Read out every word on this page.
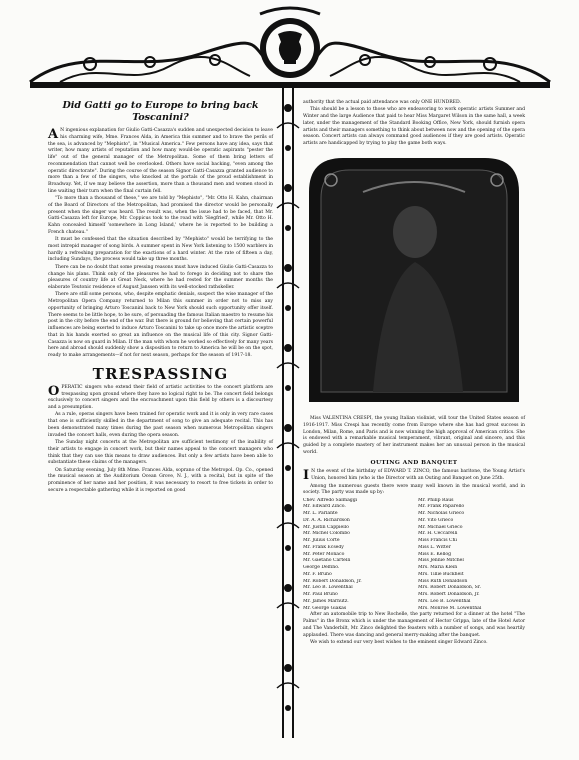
Did Gatti go to Europe to bring back Toscanini?

A N ingenious explanation for Giulio Gatti-Casazza's sudden and unexpected decision to leave his charming wife, Mme. Frances Alda, in America this summer and to brave the perils of the sea, is advanced by "Mephisto", in "Musical America." Few persons have any idea, says that writer, how many artists of reputation and how many would-be operatic aspirants "pester the life" out of the general manager of the Metropolitan. Some of them bring letters of recommendation that cannot well be overlooked. Others have social backing, "even among the operatic directorate". During the course of the season Signor Gatti-Casazza granted audience to more than a few of the singers, who knocked at the portals of the proud establishment in Broadway. Yet, if we may believe the assertion, more than a thousand men and women stood in line waiting their turn when the final curtain fell.

"To more than a thousand of these," we are told by "Mephisto", "Mr. Otto H. Kahn, chairman of the Board of Directors of the Metropolitan, had promised the director would be personally present when the singer was heard. The result was, when the issue had to be faced, that Mr. Gatti-Casazza left for Europe, Mr. Coppicus took to the road with 'Siegfried', while Mr. Otto H. Kahn concealed himself 'somewhere in Long Island,' where he is reported to be building a French chateau."

It must be confessed that the situation described by "Mephisto" would be terrifying to the most intrepid manager of song birds. A summer spent in New York listening to 1500 warblers in hardly a refreshing preparation for the exactions of a hard winter. At the rate of fifteen a day, including Sundays, the process would take up three months.

There can be no doubt that some pressing reasons must have induced Giulio Gatti-Casazza to change his plans. Think only of the pleasures he had to forego in deciding not to share the pleasures of country life at Great Neck, where he had rested for the summer months the elaborate Teutonic residence of August Janssen with its well-stocked rathskeller.

There are still some persons, who, despite emphatic denials, suspect the wise manager of the Metropolitan Opera Company returned to Milan this summer in order not to miss any opportunity of bringing Arturo Toscanini back to New York should such opportunity offer itself. There seems to be little hope, to be sure, of persuading the famous Italian maestro to resume his post in the city before the end of the war. But there is ground for believing that certain powerful influences are being exerted to induce Arturo Toscanini to take up once more the artistic sceptre that in his hands exerted so great an influence on the musical life of this city. Signor Gatti-Casazza is now on guard in Milan. If the man with whom he worked so effectively for many years here and abroad should suddenly show a disposition to return to America he will be on the spot, ready to make arrangements—if not for next season, perhaps for the season of 1917-18.

TRESPASSING

OPERATIC singers who extend their field of artistic activities to the concert platform are trespassing upon ground where they have no logical right to be. The concert field belongs exclusively to concert singers and the encroachment upon this field by others is a discourtesy and a presumption.

As a rule, operas singers have been trained for operatic work and it is only in very rare cases that one is sufficiently skilled in the department of song to give an adequate recital. This has been demonstrated many times during the past season when numerous Metropolitan singers invaded the concert halls, even during the opera season.

The Sunday night concerts at the Metropolitan are sufficient testimony of the inability of their artists to engage in concert work, but their names appeal to the concert managers who think that they can use this means to draw audiences. But only a few artists have been able to substantiate these claims of the managers.

On Saturday evening, July 8th Mme. Frances Alda, soprano of the Metropol. Op. Co., opened the musical season at the Auditorium Ocean Grove, N. J., with a recital, but in spite of the prominence of her name and her position, it was necessary to resort to free tickets in order to secure a respectable gathering while it is reported on good

authority that the actual paid attendance was only ONE HUNDRED.

This should be a lesson to those who are endeavoring to work operatic artists Summer and Winter and the large Audience that paid to hear Miss Margaret Wilson in the same hall, a week later, under the management of the Standard Booking Office, New York, should furnish opera artists and their managers something to think about between now and the opening of the opera season. Concert artists can always command good audiences if they are good artists. Operatic artists are handicapped by trying to play the game both ways.

Miss VALENTINA CRESPI, the young Italian violinist, will tour the United States season of 1916-1917. Miss Crespi has recently come from Europe where she has had great success in London, Milan, Rome, and Paris and is now winning the high approval of American critics. She is endowed with a remarkable musical temperament, vibrant, original and sincere, and this guided by a complete mastery of her instrument makes her an unusual person in the musical world.

OUTING AND BANQUET

I N the event of the birthday of EDWARD T. ZINCO, the famous baritone, the Young Artist's Union, honored him (who is the Director with an Outing and Banquet on June 25th.

Among the numerous guests there were many well known in the musical world, and in society. The party was made up by:

Chev. Alfredo Salmaggi	Mr. Philip Raus
Mr. Edward Zinco.	Mr. Frank Paparello
Mr. L. Parlante	Mr. Nicholas Grieco
Dr. A. A. Richardson	Mr. Vito Grieco
Mr. Justin Cappiello	Mr. Michael Grieco
Mr. Michel Colombo	Mr. H. Ceccarelli
Mr. Julius Corte	Miss Francis Chi
Mr. Frank Ecsedy	Miss L. Witter
Mr. Peter Monaco	Miss E. Kellog
Mr. Gaetano Cartelli	Miss Jennie Mitchel
George Delfino.	Mrs. Maria Klein
Mr. F. Bruno	Mrs. Tillie Buckheit
Mr. Robert Donaldson, Jr.	Miss Ruth Donaldson
Mr. Leo B. Lowenthal	Mrs. Robert Donaldson, Sr.
Mr. Paul Bruno	Mrs. Robert Donaldson, Jr.
Mr. James Marnutz.	Mrs. Leo B. Lowenthal
Mr. George Giakas	Mrs. Monroe M. Lowenthal

After an automobile trip to New Rochelle, the party returned for a dinner at the hotel "The Palms" in the Bronx which is under the management of Hector Grippa, late of the Hotel Astor and The Vanderbilt, Mr. Zinco delighted the feasters with a number of songs, and was heartily applauded. There was dancing and general merry-making after the banquet.

We wish to extend our very best wishes to the eminent singer Edward Zinco.
